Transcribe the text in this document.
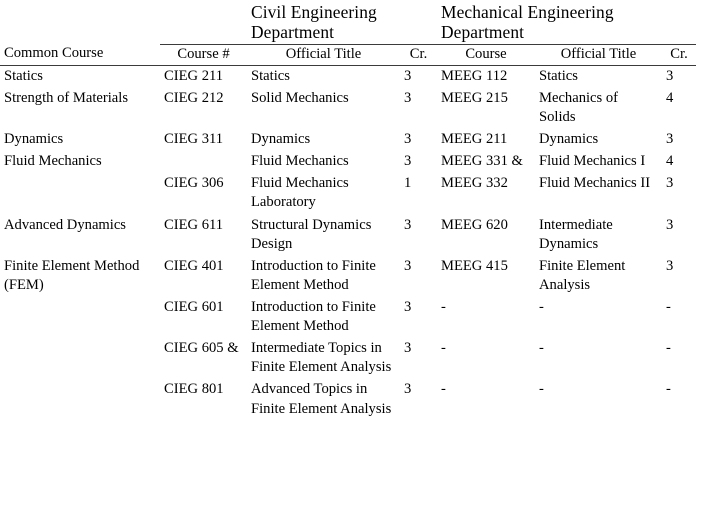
		Civil Engineering
Department		Mechanical Engineering
Department		
Common Course	Course #	Official Title	Cr.	Course	Official Title	Cr.
Statics	CIEG 211	Statics	3	MEEG 112	Statics	3
Strength of Materials	CIEG 212	Solid Mechanics	3	MEEG 215	Mechanics of Solids	4
Dynamics	CIEG 311	Dynamics	3	MEEG 211	Dynamics	3
Fluid Mechanics		Fluid Mechanics	3	MEEG 331 &	Fluid Mechanics I	4
	CIEG 306	Fluid Mechanics Laboratory	1	MEEG 332	Fluid Mechanics II	3
Advanced Dynamics	CIEG 611	Structural Dynamics Design	3	MEEG 620	Intermediate Dynamics	3
Finite Element Method (FEM)	CIEG 401	Introduction to Finite Element Method	3	MEEG 415	Finite Element Analysis	3
	CIEG 601	Introduction to Finite Element Method	3	-	-	-
	CIEG 605 &	Intermediate Topics in Finite Element Analysis	3	-	-	-
	CIEG 801	Advanced Topics in Finite Element Analysis	3	-	-	-
